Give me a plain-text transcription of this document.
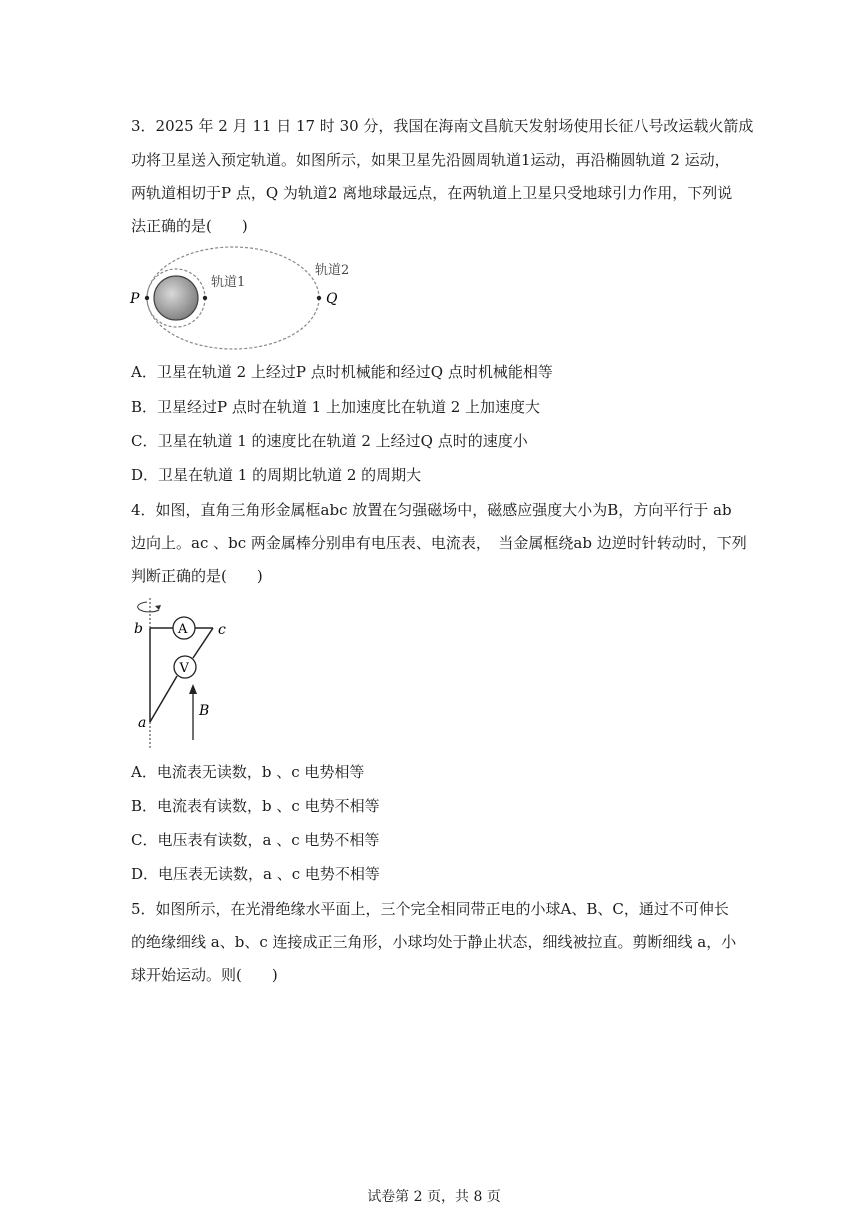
3．2025 年 2 月 11 日 17 时 30 分，我国在海南文昌航天发射场使用长征八号改运载火箭成
功将卫星送入预定轨道。如图所示，如果卫星先沿圆周轨道1运动，再沿椭圆轨道 2 运动，
两轨道相切于P 点，Q 为轨道2 离地球最远点，在两轨道上卫星只受地球引力作用，下列说
法正确的是(　　)
P	Q
轨道1
轨道2
A．卫星在轨道 2 上经过P 点时机械能和经过Q 点时机械能相等
B．卫星经过P 点时在轨道 1 上加速度比在轨道 2 上加速度大
C．卫星在轨道 1 的速度比在轨道 2 上经过Q 点时的速度小
D．卫星在轨道 1 的周期比轨道 2 的周期大
4．如图，直角三角形金属框abc 放置在匀强磁场中，磁感应强度大小为B，方向平行于 ab
边向上。ac 、bc 两金属棒分别串有电压表、电流表，　当金属框绕ab 边逆时针转动时，下列
判断正确的是(　　)
A
V
B
a
b	c
A．电流表无读数，b 、c 电势相等
B．电流表有读数，b 、c 电势不相等
C．电压表有读数，a 、c 电势不相等
D．电压表无读数，a 、c 电势不相等
5．如图所示，在光滑绝缘水平面上，三个完全相同带正电的小球A、B、C，通过不可伸长
的绝缘细线 a、b、c 连接成正三角形，小球均处于静止状态，细线被拉直。剪断细线 a，小
球开始运动。则(　　)
试卷第 2 页，共 8 页
